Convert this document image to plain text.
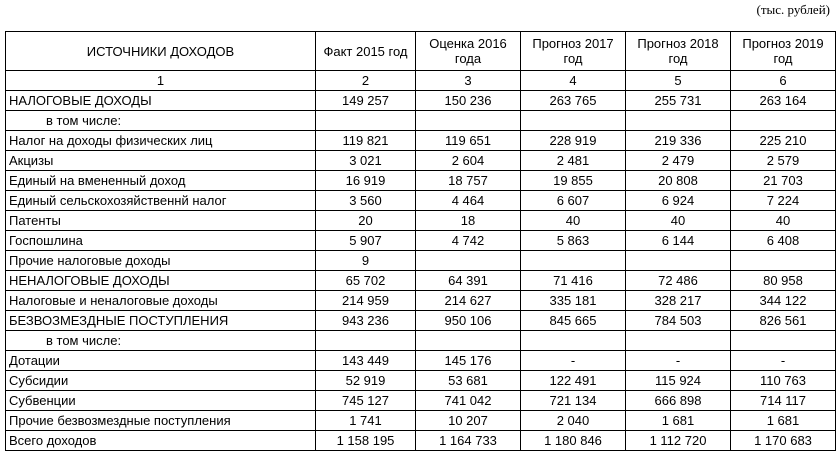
(тыс. рублей)
ИСТОЧНИКИ ДОХОДОВ	Факт 2015 год	Оценка 2016 года	Прогноз 2017 год	Прогноз 2018 год	Прогноз 2019 год
1	2	3	4	5	6
НАЛОГОВЫЕ ДОХОДЫ	149 257	150 236	263 765	255 731	263 164
в том числе:					
Налог на доходы физических лиц	119 821	119 651	228 919	219 336	225 210
Акцизы	3 021	2 604	2 481	2 479	2 579
Единый на вмененный доход	16 919	18 757	19 855	20 808	21 703
Единый сельскохозяйственнй налог	3 560	4 464	6 607	6 924	7 224
Патенты	20	18	40	40	40
Госпошлина	5 907	4 742	5 863	6 144	6 408
Прочие налоговые доходы	9				
НЕНАЛОГОВЫЕ ДОХОДЫ	65 702	64 391	71 416	72 486	80 958
Налоговые и неналоговые доходы	214 959	214 627	335 181	328 217	344 122
БЕЗВОЗМЕЗДНЫЕ ПОСТУПЛЕНИЯ	943 236	950 106	845 665	784 503	826 561
в том числе:					
Дотации	143 449	145 176	-	-	-
Субсидии	52 919	53 681	122 491	115 924	110 763
Субвенции	745 127	741 042	721 134	666 898	714 117
Прочие безвозмездные поступления	1 741	10 207	2 040	1 681	1 681
Всего доходов	1 158 195	1 164 733	1 180 846	1 112 720	1 170 683
